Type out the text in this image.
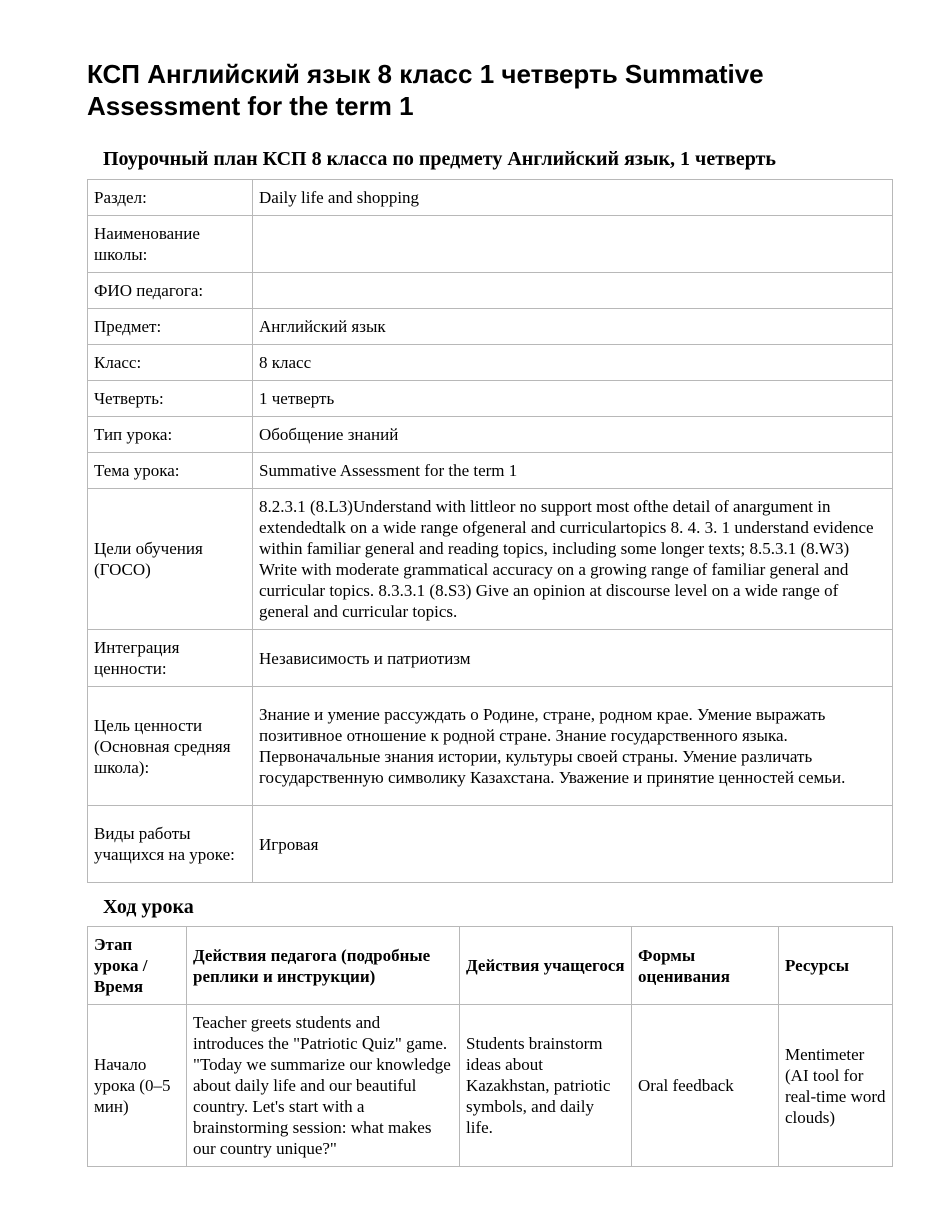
КСП Английский язык 8 класс 1 четверть Summative Assessment for the term 1
Поурочный план КСП 8 класса по предмету Английский язык, 1 четверть
Раздел:	Daily life and shopping
Наименование школы:	
ФИО педагога:	
Предмет:	Английский язык
Класс:	8 класс
Четверть:	1 четверть
Тип урока:	Обобщение знаний
Тема урока:	Summative Assessment for the term 1
Цели обучения (ГОСО)	8.2.3.1 (8.L3)Understand with littleor no support most ofthe detail of anargument in extendedtalk on a wide range ofgeneral and curriculartopics 8. 4. 3. 1 understand evidence within familiar general and reading topics, including some longer texts; 8.5.3.1 (8.W3) Write with moderate grammatical accuracy on a growing range of familiar general and curricular topics. 8.3.3.1 (8.S3) Give an opinion at discourse level on a wide range of general and curricular topics.
Интеграция ценности:	Независимость и патриотизм
Цель ценности (Основная средняя школа):	Знание и умение рассуждать о Родине, стране, родном крае. Умение выражать позитивное отношение к родной стране. Знание государственного языка. Первоначальные знания истории, культуры своей страны. Умение различать государственную символику Казахстана. Уважение и принятие ценностей семьи.
Виды работы учащихся на уроке:	Игровая
Ход урока
Этап урока / Время	Действия педагога (подробные реплики и инструкции)	Действия учащегося	Формы оценивания	Ресурсы
Начало урока (0–5 мин)	Teacher greets students and introduces the "Patriotic Quiz" game. "Today we summarize our knowledge about daily life and our beautiful country. Let's start with a brainstorming session: what makes our country unique?"	Students brainstorm ideas about Kazakhstan, patriotic symbols, and daily life.	Oral feedback	Mentimeter (AI tool for real-time word clouds)
